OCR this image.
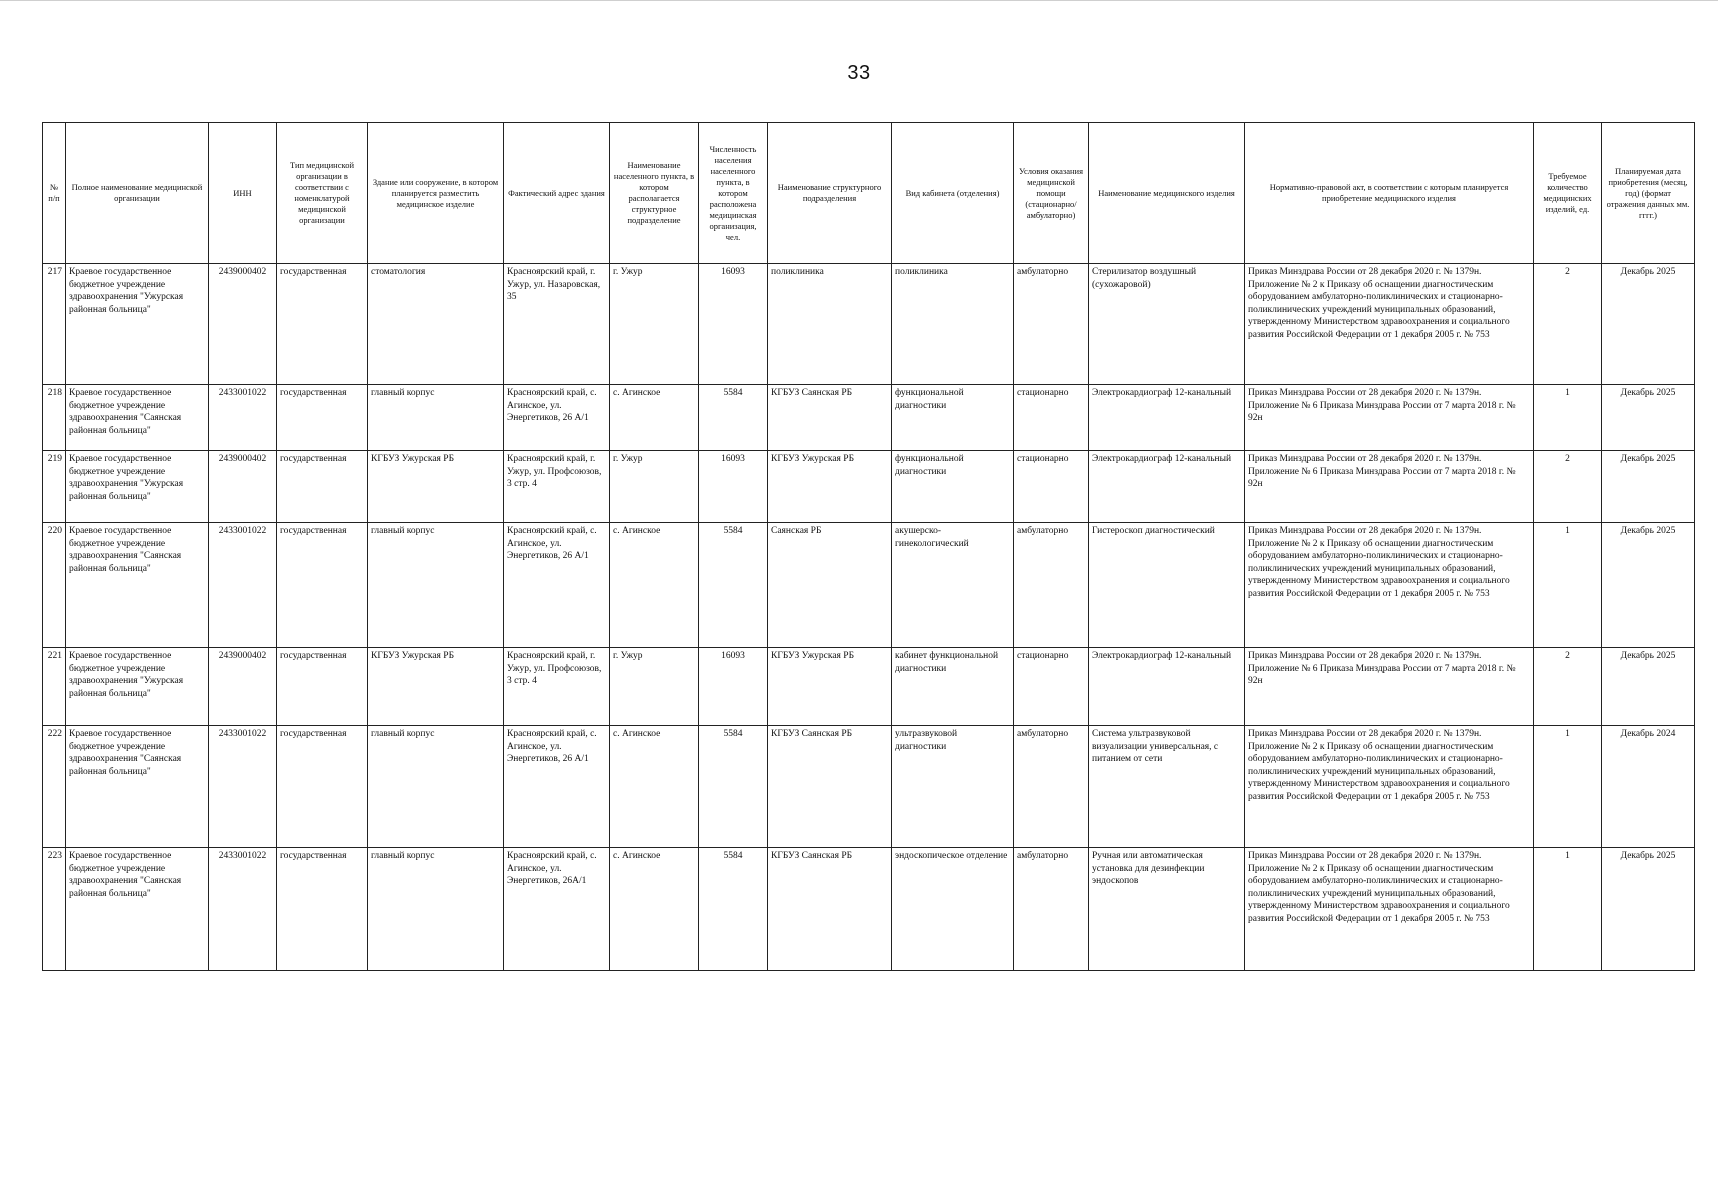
33
№ п/п	Полное наименование медицинской организации	ИНН	Тип медицинской организации в соответствии с номенклатурой медицинской организации	Здание или сооружение, в котором планируется разместить медицинское изделие	Фактический адрес здания	Наименование населенного пункта, в котором располагается структурное подразделение	Численность населения населенного пункта, в котором расположена медицинская организация, чел.	Наименование структурного подразделения	Вид кабинета (отделения)	Условия оказания медицинской помощи (стационарно/ амбулаторно)	Наименование медицинского изделия	Нормативно-правовой акт, в соответствии с которым планируется приобретение медицинского изделия	Требуемое количество медицинских изделий, ед.	Планируемая дата приобретения (месяц, год) (формат отражения данных мм. гггг.)
217	Краевое государственное бюджетное учреждение здравоохранения "Ужурская районная больница"	2439000402	государственная	стоматология	Красноярский край, г. Ужур, ул. Назаровская, 35	г. Ужур	16093	поликлиника	поликлиника	амбулаторно	Стерилизатор воздушный (сухожаровой)	Приказ Минздрава России от 28 декабря 2020 г. № 1379н. Приложение № 2 к Приказу об оснащении диагностическим оборудованием амбулаторно-поликлинических и стационарно-поликлинических учреждений муниципальных образований, утвержденному Министерством здравоохранения и социального развития Российской Федерации от 1 декабря 2005 г. № 753	2	Декабрь 2025
218	Краевое государственное бюджетное учреждение здравоохранения "Саянская районная больница"	2433001022	государственная	главный корпус	Красноярский край, с. Агинское, ул. Энергетиков, 26 А/1	с. Агинское	5584	КГБУЗ Саянская РБ	функциональной диагностики	стационарно	Электрокардиограф 12-канальный	Приказ Минздрава России от 28 декабря 2020 г. № 1379н. Приложение № 6 Приказа Минздрава России от 7 марта 2018 г. № 92н	1	Декабрь 2025
219	Краевое государственное бюджетное учреждение здравоохранения "Ужурская районная больница"	2439000402	государственная	КГБУЗ Ужурская РБ	Красноярский край, г. Ужур, ул. Профсоюзов, 3 стр. 4	г. Ужур	16093	КГБУЗ Ужурская РБ	функциональной диагностики	стационарно	Электрокардиограф 12-канальный	Приказ Минздрава России от 28 декабря 2020 г. № 1379н. Приложение № 6 Приказа Минздрава России от 7 марта 2018 г. № 92н	2	Декабрь 2025
220	Краевое государственное бюджетное учреждение здравоохранения "Саянская районная больница"	2433001022	государственная	главный корпус	Красноярский край, с. Агинское, ул. Энергетиков, 26 А/1	с. Агинское	5584	Саянская РБ	акушерско-гинекологический	амбулаторно	Гистероскоп диагностический	Приказ Минздрава России от 28 декабря 2020 г. № 1379н. Приложение № 2 к Приказу об оснащении диагностическим оборудованием амбулаторно-поликлинических и стационарно-поликлинических учреждений муниципальных образований, утвержденному Министерством здравоохранения и социального развития Российской Федерации от 1 декабря 2005 г. № 753	1	Декабрь 2025
221	Краевое государственное бюджетное учреждение здравоохранения "Ужурская районная больница"	2439000402	государственная	КГБУЗ Ужурская РБ	Красноярский край, г. Ужур, ул. Профсоюзов, 3 стр. 4	г. Ужур	16093	КГБУЗ Ужурская РБ	кабинет функциональной диагностики	стационарно	Электрокардиограф 12-канальный	Приказ Минздрава России от 28 декабря 2020 г. № 1379н. Приложение № 6 Приказа Минздрава России от 7 марта 2018 г. № 92н	2	Декабрь 2025
222	Краевое государственное бюджетное учреждение здравоохранения "Саянская районная больница"	2433001022	государственная	главный корпус	Красноярский край, с. Агинское, ул. Энергетиков, 26 А/1	с. Агинское	5584	КГБУЗ Саянская РБ	ультразвуковой диагностики	амбулаторно	Система ультразвуковой визуализации универсальная, с питанием от сети	Приказ Минздрава России от 28 декабря 2020 г. № 1379н. Приложение № 2 к Приказу об оснащении диагностическим оборудованием амбулаторно-поликлинических и стационарно-поликлинических учреждений муниципальных образований, утвержденному Министерством здравоохранения и социального развития Российской Федерации от 1 декабря 2005 г. № 753	1	Декабрь 2024
223	Краевое государственное бюджетное учреждение здравоохранения "Саянская районная больница"	2433001022	государственная	главный корпус	Красноярский край, с. Агинское, ул. Энергетиков, 26А/1	с. Агинское	5584	КГБУЗ Саянская РБ	эндоскопическое отделение	амбулаторно	Ручная или автоматическая установка для дезинфекции эндоскопов	Приказ Минздрава России от 28 декабря 2020 г. № 1379н. Приложение № 2 к Приказу об оснащении диагностическим оборудованием амбулаторно-поликлинических и стационарно-поликлинических учреждений муниципальных образований, утвержденному Министерством здравоохранения и социального развития Российской Федерации от 1 декабря 2005 г. № 753	1	Декабрь 2025
